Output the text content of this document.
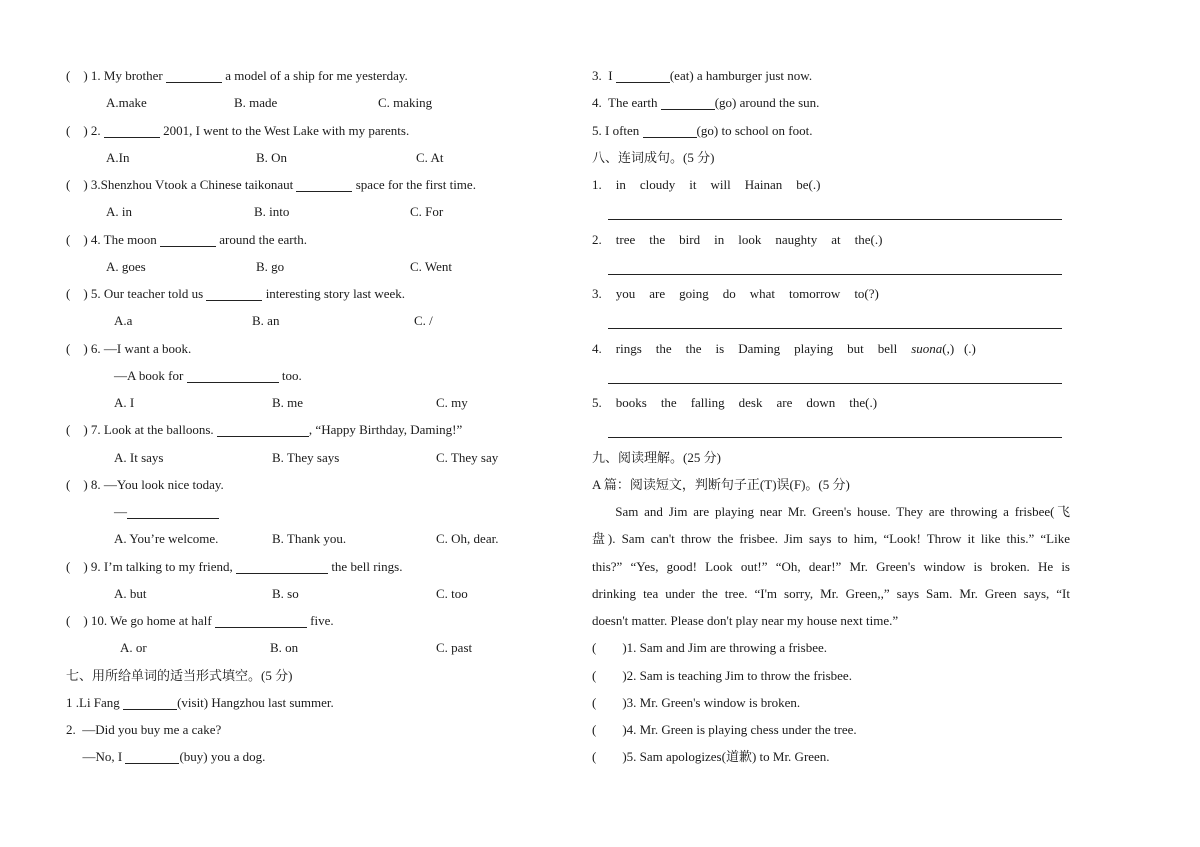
(    ) 1. My brother	a model of a ship for me yesterday.

A.make

	B. made

	C. making

(    ) 2.	2001, I went to the West Lake with my parents.

A.In

	B. On

	C. At

(    ) 3.Shenzhou Vtook a Chinese taikonaut	space for the first time.

A. in

	B. into

	C. For

(    ) 4. The moon	around the earth.

A. goes

	B. go

	C. Went

(    ) 5. Our teacher told us	interesting story last week.

A.a

	B. an

	C. /

(    ) 6. —I want a book.
—A book for	too.

A. I

	B. me

	C. my

(    ) 7. Look at the balloons.	, “Happy Birthday, Daming!”

A. It says

	B. They says

	C. They say

(    ) 8. —You look nice today.
—

A. You’re welcome.

	B. Thank you.

	C. Oh, dear.

(    ) 9. I’m talking to my friend,	the bell rings.

A. but

	B. so

	C. too

(    ) 10. We go home at half	five.

A. or

	B. on

	C. past

七、用所给单词的适当形式填空。(5 分)
1 .Li Fang	(visit) Hangzhou last summer.
2.  —Did you buy me a cake?
—No, I	(buy) you a dog.
3.  I	(eat) a hamburger just now.
4.  The earth	(go) around the sun.
5. I often	(go) to school on foot.
八、连词成句。(5 分)
1. in cloudy it will Hainan be(.)
2. tree the bird in look naughty at the(.)
3. you are going do what tomorrow to(?)
4. rings the the is Daming playing but bell suona(,)   (.)
5. books the falling desk are down the(.)
九、阅读理解。(25 分)
A 篇：阅读短文，判断句子正(T)误(F)。(5 分)
Sam and Jim are playing near Mr. Green's house. They are throwing a frisbee(飞
盘). Sam can't throw the frisbee. Jim says to him, “Look! Throw it like this.” “Like
this?” “Yes, good! Look out!” “Oh, dear!” Mr. Green's window is broken. He is
drinking tea under the tree. “I'm sorry, Mr. Green,,” says Sam. Mr. Green says, “It
doesn't matter. Please don't play near my house next time.”
(        )1. Sam and Jim are throwing a frisbee.
(        )2. Sam is teaching Jim to throw the frisbee.
(        )3. Mr. Green's window is broken.
(        )4. Mr. Green is playing chess under the tree.
(        )5. Sam apologizes(道歉) to Mr. Green.
